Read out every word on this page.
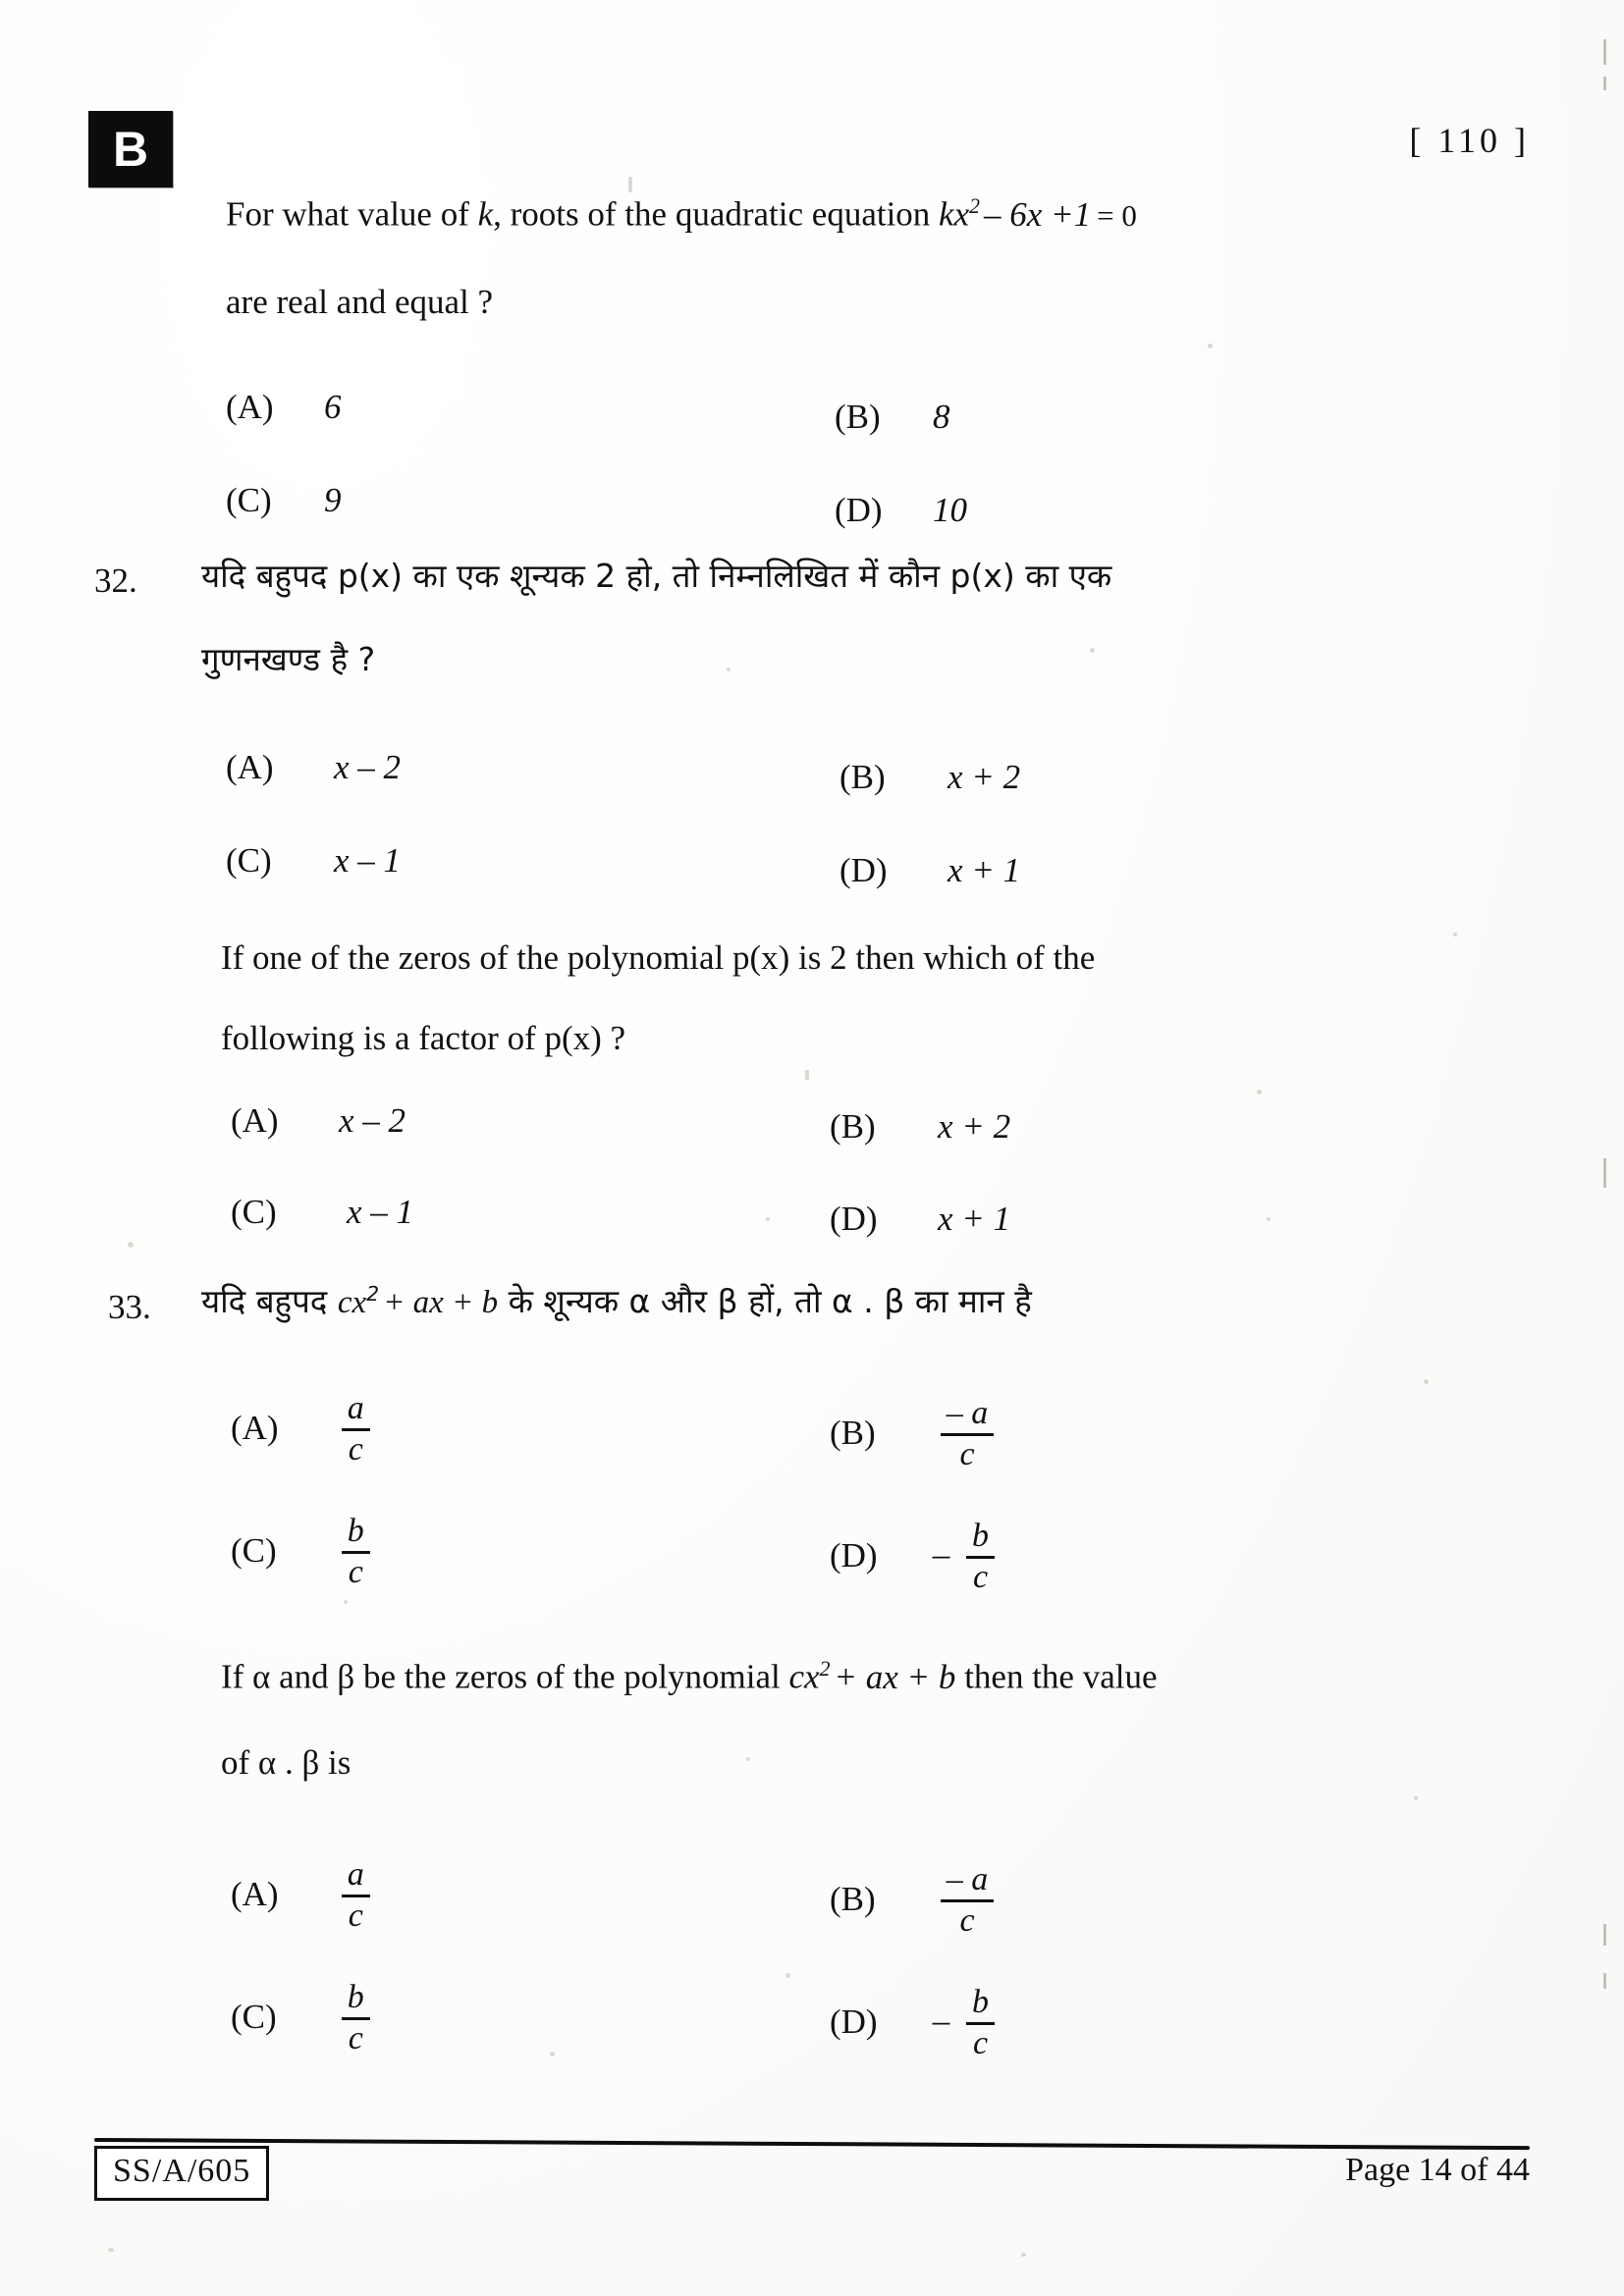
B	[ 110 ]
For what value of k, roots of the quadratic equation $kx^2 - 6x +1 = 0$
are real and equal ?
(A) 6	(B) 8
(C) 9	(D) 10
32. यदि बहुपद p(x) का एक शून्यक 2 हो, तो निम्नलिखित में कौन p(x) का एक
गुणनखण्ड है ?
(A) x – 2	(B) x + 2
(C) x – 1	(D) x + 1
If one of the zeros of the polynomial p(x) is 2 then which of the
following is a factor of p(x) ?
(A) x – 2	(B) x + 2
(C) x – 1	(D) x + 1
33. यदि बहुपद $cx^2$ + ax + b के शून्यक α और β हों, तो α . β का मान है
$(A) \frac{a}{c}$	$(B) \frac{- a}{c}$
$(C) \frac{b}{c}$	$(D) - \frac{b}{c}$
If α and β be the zeros of the polynomial $cx^2$ + ax + b then the value
of α . β is
$(A) \frac{a}{c}$	$(B) \frac{- a}{c}$
$(C) \frac{b}{c}$	$(D) - \frac{b}{c}$
SS/A/605	Page 14 of 44
